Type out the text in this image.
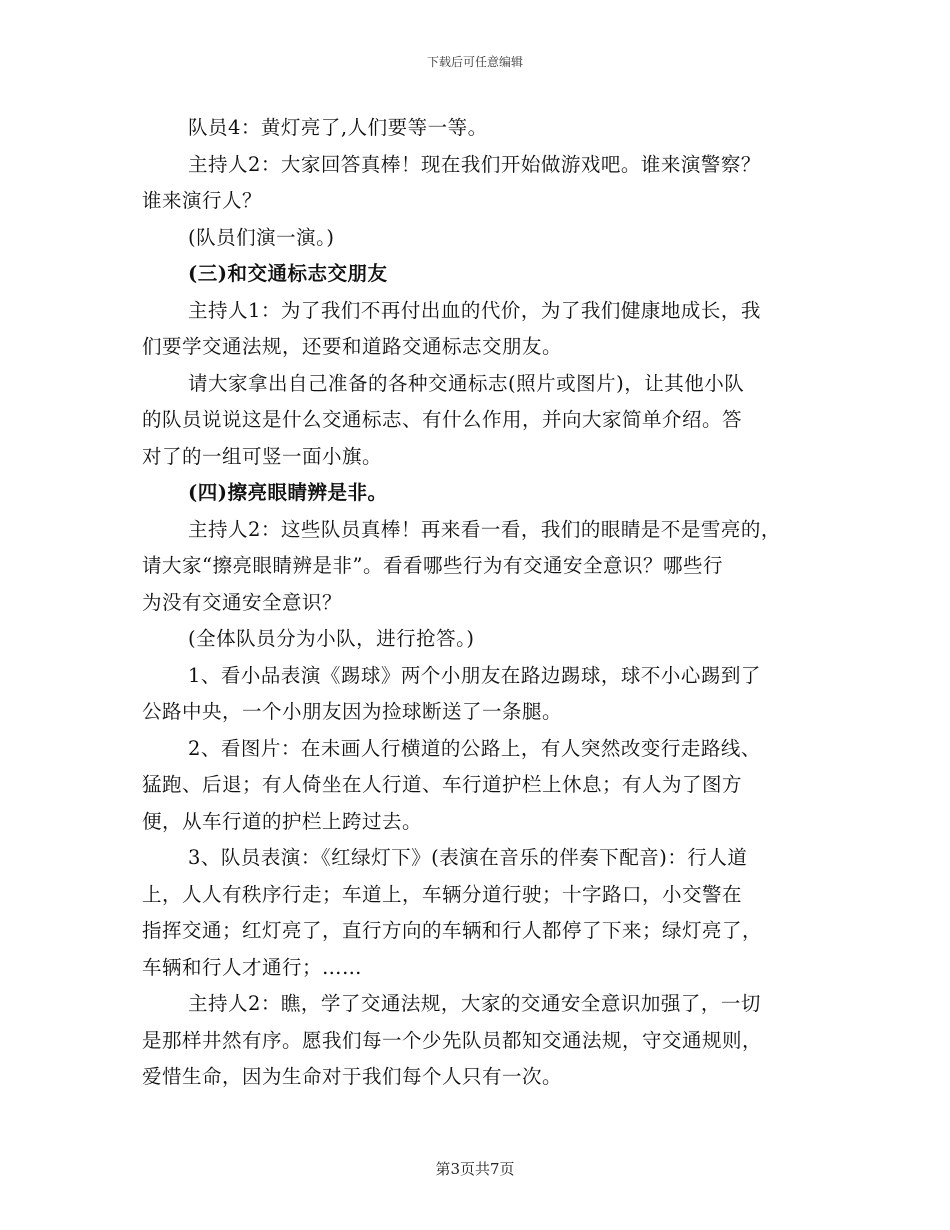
下载后可任意编辑
队员4：黄灯亮了,人们要等一等。
主持人2：大家回答真棒！现在我们开始做游戏吧。谁来演警察？
谁来演行人？
(队员们演一演。)
(三)和交通标志交朋友
主持人1：为了我们不再付出血的代价，为了我们健康地成长，我
们要学交通法规，还要和道路交通标志交朋友。
请大家拿出自己准备的各种交通标志(照片或图片)，让其他小队
的队员说说这是什么交通标志、有什么作用，并向大家简单介绍。答
对了的一组可竖一面小旗。
(四)擦亮眼睛辨是非。
主持人2：这些队员真棒！再来看一看，我们的眼睛是不是雪亮的，
请大家“擦亮眼睛辨是非”。看看哪些行为有交通安全意识？哪些行
为没有交通安全意识？
(全体队员分为小队，进行抢答。)
1、看小品表演《踢球》两个小朋友在路边踢球，球不小心踢到了
公路中央，一个小朋友因为捡球断送了一条腿。
2、看图片：在未画人行横道的公路上，有人突然改变行走路线、
猛跑、后退；有人倚坐在人行道、车行道护栏上休息；有人为了图方
便，从车行道的护栏上跨过去。
3、队员表演：《红绿灯下》(表演在音乐的伴奏下配音)：行人道
上，人人有秩序行走；车道上，车辆分道行驶；十字路口，小交警在
指挥交通；红灯亮了，直行方向的车辆和行人都停了下来；绿灯亮了，
车辆和行人才通行；……
主持人2：瞧，学了交通法规，大家的交通安全意识加强了，一切
是那样井然有序。愿我们每一个少先队员都知交通法规，守交通规则，
爱惜生命，因为生命对于我们每个人只有一次。
第3页共7页
